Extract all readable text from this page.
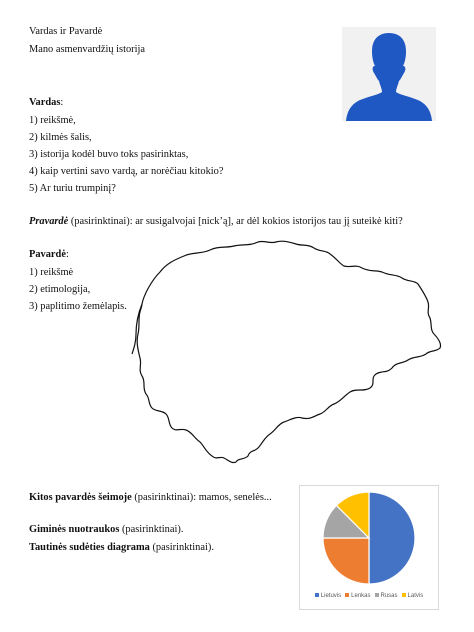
Vardas ir Pavardė
Mano asmenvardžių istorija
Vardas:
1) reikšmė,
2) kilmės šalis,
3) istorija kodėl buvo toks pasirinktas,
4) kaip vertini savo vardą, ar norėčiau kitokio?
5) Ar turiu trumpinį?
Pravardė (pasirinktinai): ar susigalvojai [nick’ą], ar dėl kokios istorijos tau jį suteikė kiti?
Pavardė:
1) reikšmė
2) etimologija,
3) paplitimo žemėlapis.
Kitos pavardės šeimoje (pasirinktinai): mamos, senelės...
Giminės nuotraukos (pasirinktinai).
Tautinės sudėties diagrama (pasirinktinai).
Lietuvis Lenkas Rusas Latvis
